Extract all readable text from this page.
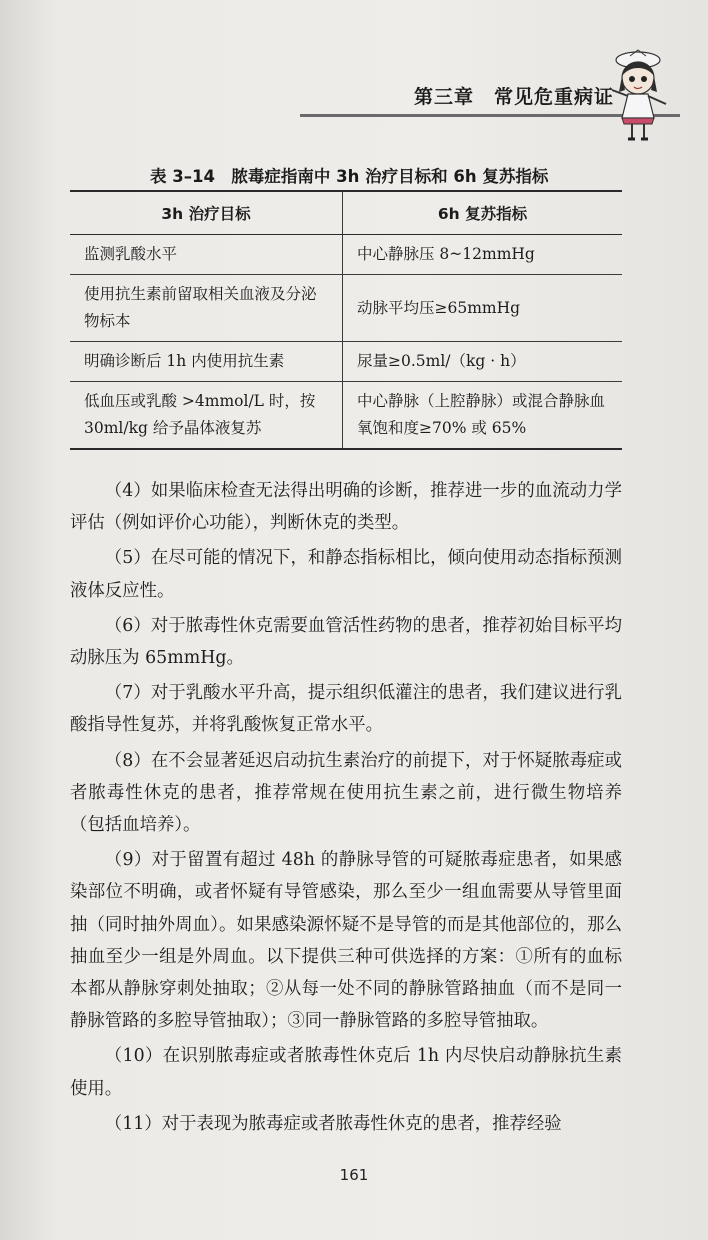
第三章　常见危重病证
表 3–14　脓毒症指南中 3h 治疗目标和 6h 复苏指标
3h 治疗目标	6h 复苏指标
监测乳酸水平	中心静脉压 8~12mmHg
使用抗生素前留取相关血液及分泌物标本	动脉平均压≥65mmHg
明确诊断后 1h 内使用抗生素	尿量≥0.5ml/（kg · h）
低血压或乳酸 >4mmol/L 时，按 30ml/kg 给予晶体液复苏	中心静脉（上腔静脉）或混合静脉血氧饱和度≥70% 或 65%

（4）如果临床检查无法得出明确的诊断，推荐进一步的血流动力学评估（例如评价心功能），判断休克的类型。

（5）在尽可能的情况下，和静态指标相比，倾向使用动态指标预测液体反应性。

（6）对于脓毒性休克需要血管活性药物的患者，推荐初始目标平均动脉压为 65mmHg。

（7）对于乳酸水平升高，提示组织低灌注的患者，我们建议进行乳酸指导性复苏，并将乳酸恢复正常水平。

（8）在不会显著延迟启动抗生素治疗的前提下，对于怀疑脓毒症或者脓毒性休克的患者，推荐常规在使用抗生素之前，进行微生物培养（包括血培养）。

（9）对于留置有超过 48h 的静脉导管的可疑脓毒症患者，如果感染部位不明确，或者怀疑有导管感染，那么至少一组血需要从导管里面抽（同时抽外周血）。如果感染源怀疑不是导管的而是其他部位的，那么抽血至少一组是外周血。以下提供三种可供选择的方案：①所有的血标本都从静脉穿刺处抽取；②从每一处不同的静脉管路抽血（而不是同一静脉管路的多腔导管抽取）；③同一静脉管路的多腔导管抽取。

（10）在识别脓毒症或者脓毒性休克后 1h 内尽快启动静脉抗生素使用。

（11）对于表现为脓毒症或者脓毒性休克的患者，推荐经验

161
